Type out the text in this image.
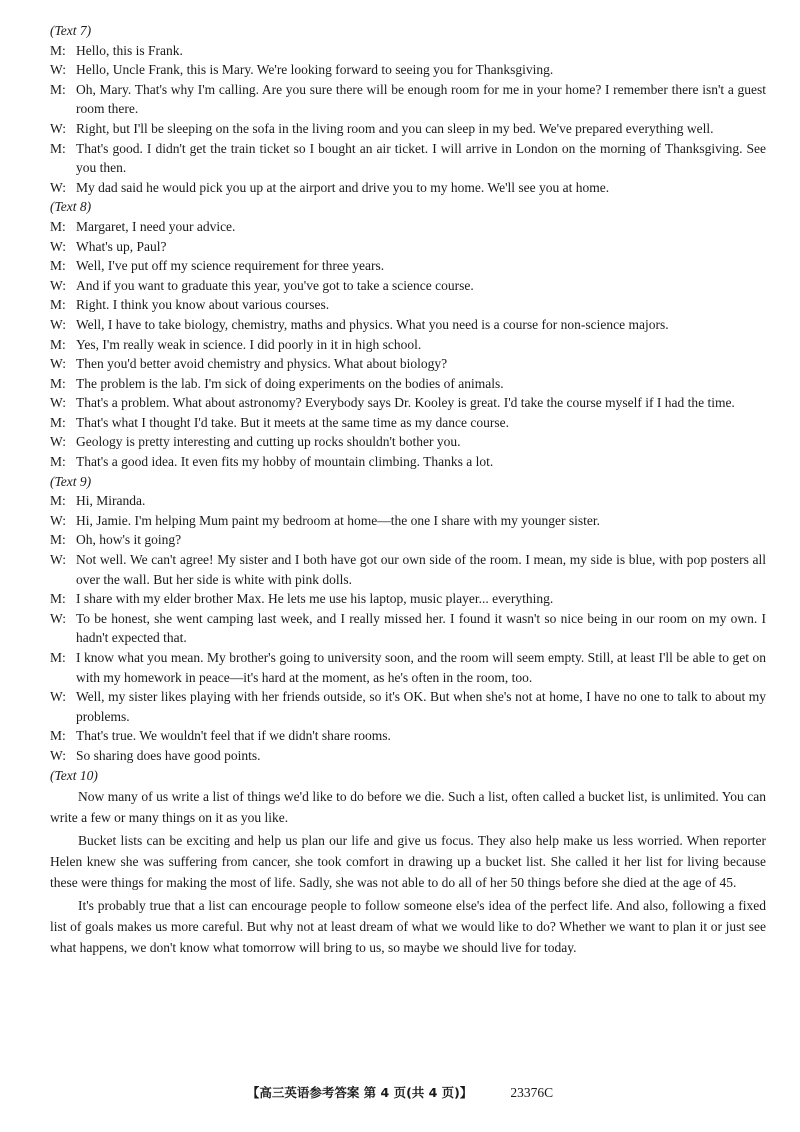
(Text 7)
M: Hello, this is Frank.
W: Hello, Uncle Frank, this is Mary. We're looking forward to seeing you for Thanksgiving.
M: Oh, Mary. That's why I'm calling. Are you sure there will be enough room for me in your home? I remember there isn't a guest room there.
W: Right, but I'll be sleeping on the sofa in the living room and you can sleep in my bed. We've prepared everything well.
M: That's good. I didn't get the train ticket so I bought an air ticket. I will arrive in London on the morning of Thanksgiving. See you then.
W: My dad said he would pick you up at the airport and drive you to my home. We'll see you at home.
(Text 8)
M: Margaret, I need your advice.
W: What's up, Paul?
M: Well, I've put off my science requirement for three years.
W: And if you want to graduate this year, you've got to take a science course.
M: Right. I think you know about various courses.
W: Well, I have to take biology, chemistry, maths and physics. What you need is a course for non-science majors.
M: Yes, I'm really weak in science. I did poorly in it in high school.
W: Then you'd better avoid chemistry and physics. What about biology?
M: The problem is the lab. I'm sick of doing experiments on the bodies of animals.
W: That's a problem. What about astronomy? Everybody says Dr. Kooley is great. I'd take the course myself if I had the time.
M: That's what I thought I'd take. But it meets at the same time as my dance course.
W: Geology is pretty interesting and cutting up rocks shouldn't bother you.
M: That's a good idea. It even fits my hobby of mountain climbing. Thanks a lot.
(Text 9)
M: Hi, Miranda.
W: Hi, Jamie. I'm helping Mum paint my bedroom at home—the one I share with my younger sister.
M: Oh, how's it going?
W: Not well. We can't agree! My sister and I both have got our own side of the room. I mean, my side is blue, with pop posters all over the wall. But her side is white with pink dolls.
M: I share with my elder brother Max. He lets me use his laptop, music player... everything.
W: To be honest, she went camping last week, and I really missed her. I found it wasn't so nice being in our room on my own. I hadn't expected that.
M: I know what you mean. My brother's going to university soon, and the room will seem empty. Still, at least I'll be able to get on with my homework in peace—it's hard at the moment, as he's often in the room, too.
W: Well, my sister likes playing with her friends outside, so it's OK. But when she's not at home, I have no one to talk to about my problems.
M: That's true. We wouldn't feel that if we didn't share rooms.
W: So sharing does have good points.
(Text 10)
Now many of us write a list of things we'd like to do before we die. Such a list, often called a bucket list, is unlimited. You can write a few or many things on it as you like.
Bucket lists can be exciting and help us plan our life and give us focus. They also help make us less worried. When reporter Helen knew she was suffering from cancer, she took comfort in drawing up a bucket list. She called it her list for living because these were things for making the most of life. Sadly, she was not able to do all of her 50 things before she died at the age of 45.
It's probably true that a list can encourage people to follow someone else's idea of the perfect life. And also, following a fixed list of goals makes us more careful. But why not at least dream of what we would like to do? Whether we want to plan it or just see what happens, we don't know what tomorrow will bring to us, so maybe we should live for today.
【高三英语参考答案 第 4 页(共 4 页)】	23376C
